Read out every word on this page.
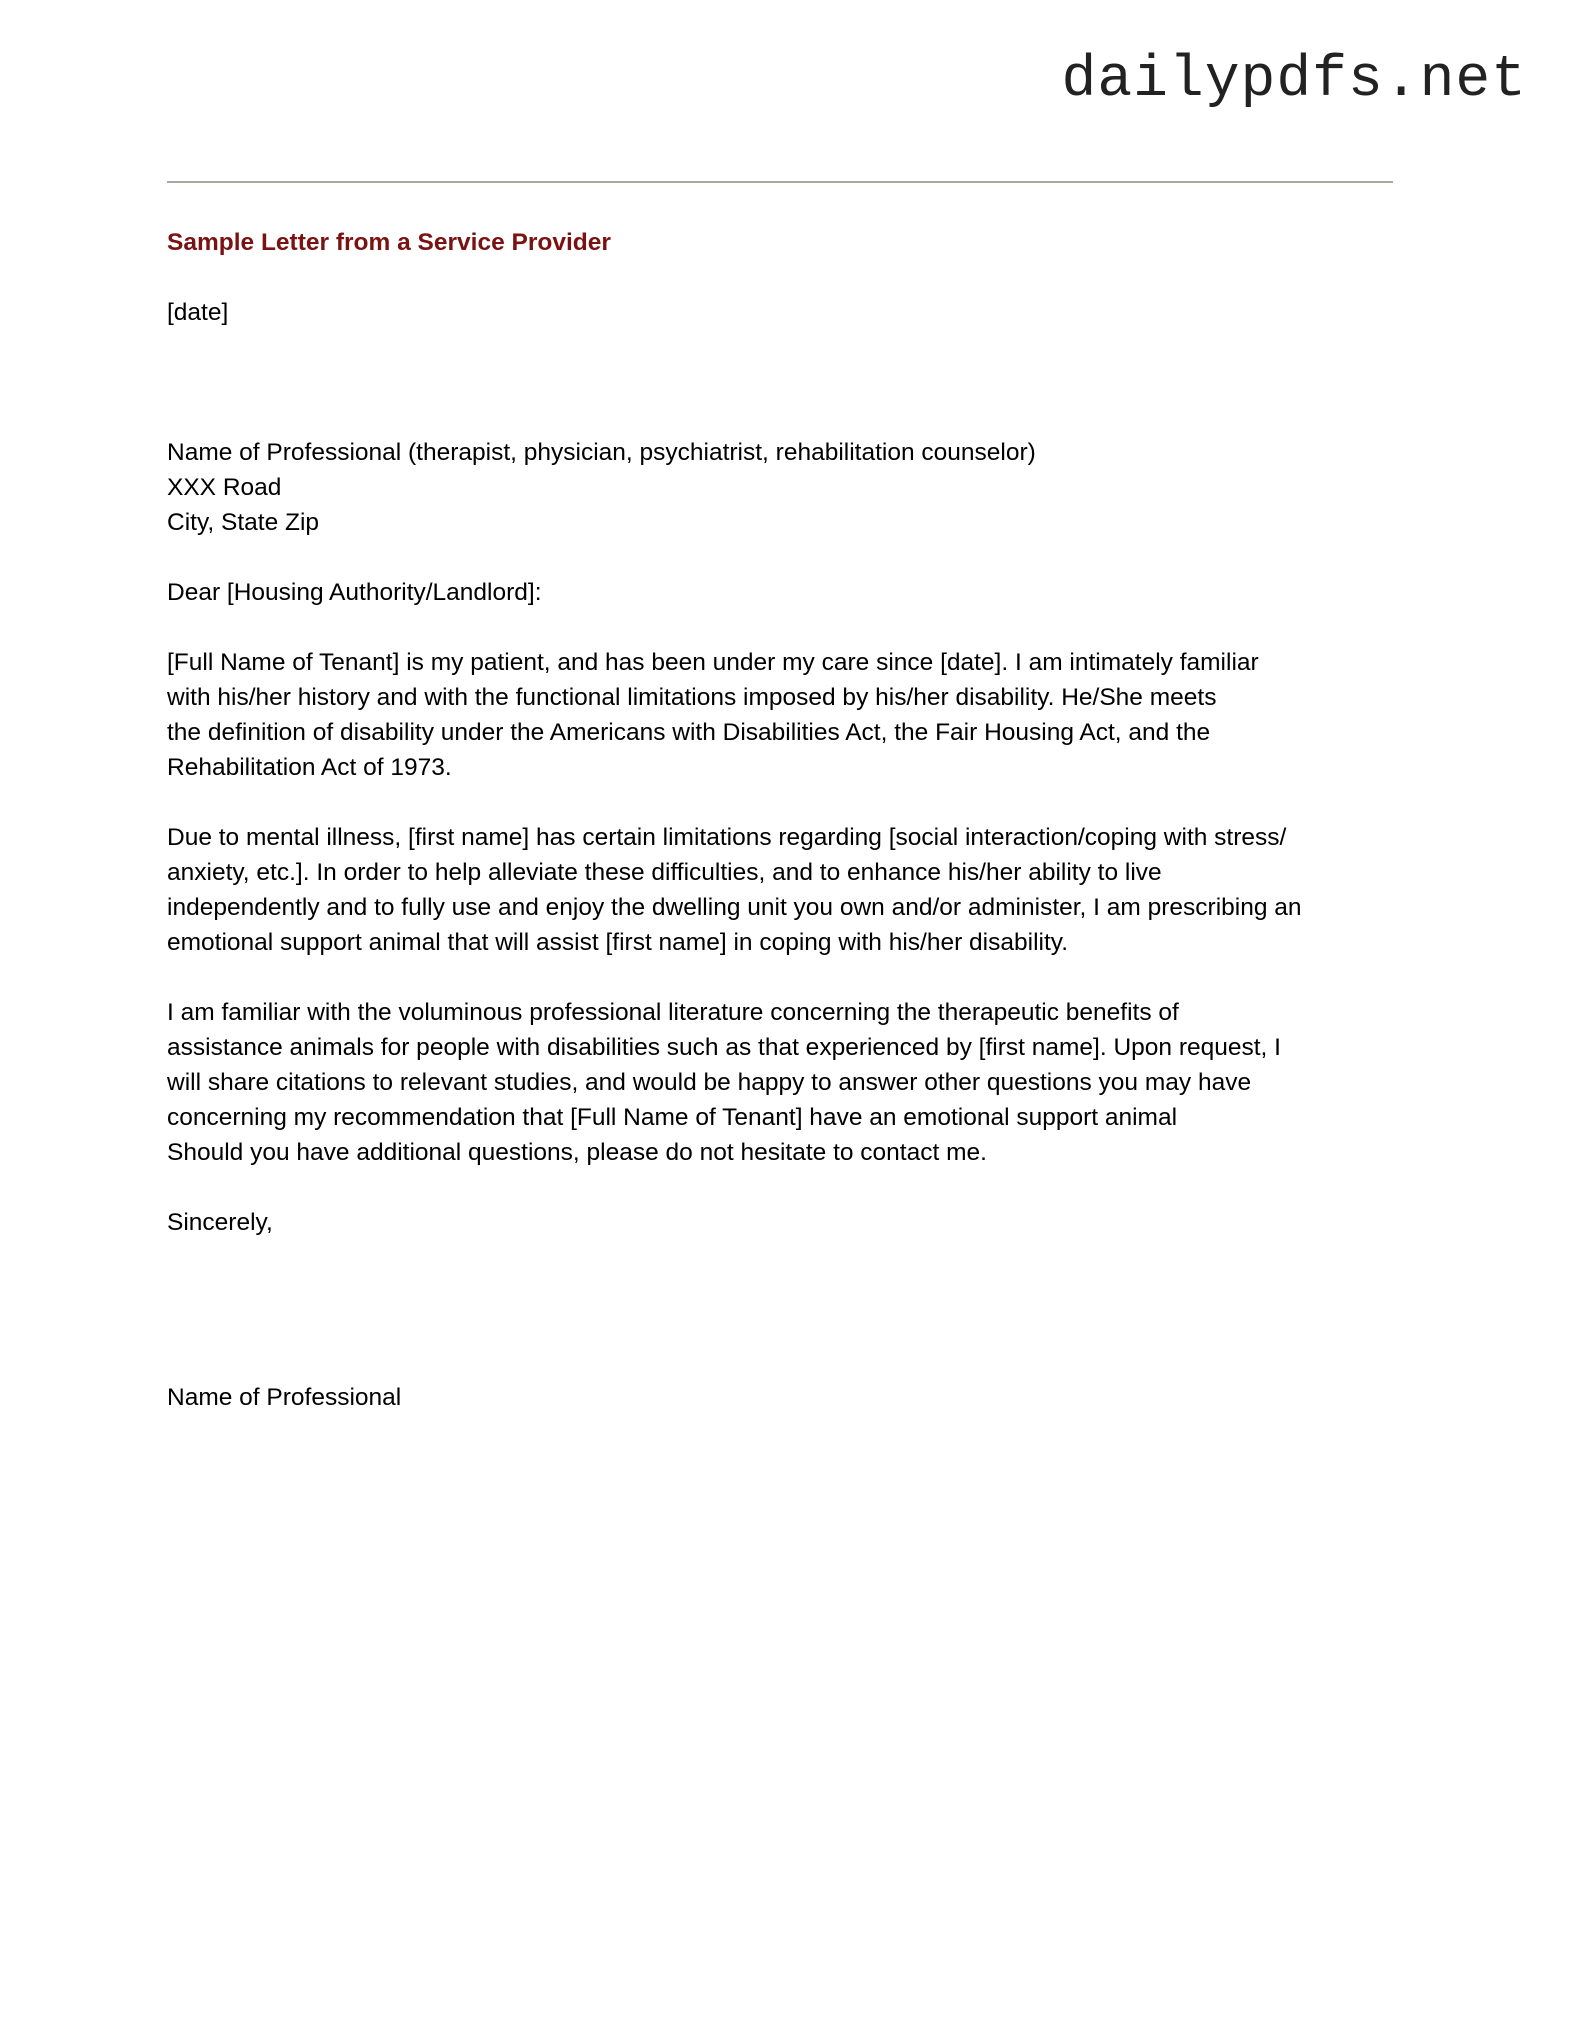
dailypdfs.net
Sample Letter from a Service Provider
[date]
Name of Professional (therapist, physician, psychiatrist, rehabilitation counselor)
XXX Road
City, State Zip
Dear [Housing Authority/Landlord]:
[Full Name of Tenant] is my patient, and has been under my care since [date]. I am intimately familiar
with his/her history and with the functional limitations imposed by his/her disability. He/She meets
the definition of disability under the Americans with Disabilities Act, the Fair Housing Act, and the
Rehabilitation Act of 1973.
Due to mental illness, [first name] has certain limitations regarding [social interaction/coping with stress/
anxiety, etc.]. In order to help alleviate these difficulties, and to enhance his/her ability to live
independently and to fully use and enjoy the dwelling unit you own and/or administer, I am prescribing an
emotional support animal that will assist [first name] in coping with his/her disability.
I am familiar with the voluminous professional literature concerning the therapeutic benefits of
assistance animals for people with disabilities such as that experienced by [first name]. Upon request, I
will share citations to relevant studies, and would be happy to answer other questions you may have
concerning my recommendation that [Full Name of Tenant] have an emotional support animal
Should you have additional questions, please do not hesitate to contact me.
Sincerely,
Name of Professional
